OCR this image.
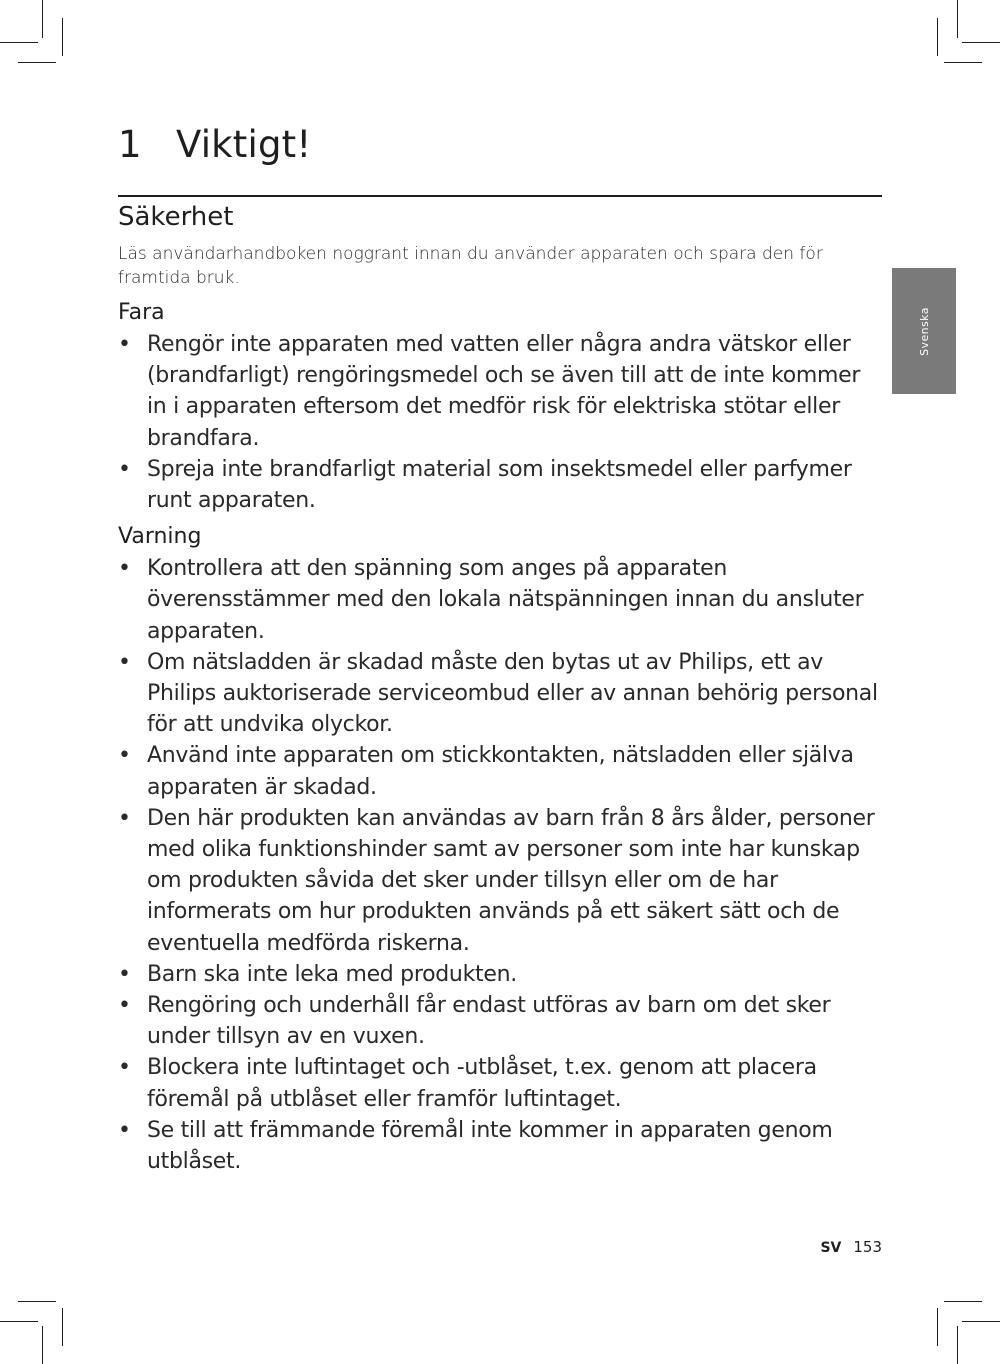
1 Viktigt!
Säkerhet

Läs användarhandboken noggrant innan du använder apparaten och spara den för framtida bruk.

Fara
• Rengör inte apparaten med vatten eller några andra vätskor eller (brandfarligt) rengöringsmedel och se även till att de inte kommer in i apparaten eftersom det medför risk för elektriska stötar eller brandfara.
• Spreja inte brandfarligt material som insektsmedel eller parfymer runt apparaten.
Varning
• Kontrollera att den spänning som anges på apparaten överensstämmer med den lokala nätspänningen innan du ansluter apparaten.
• Om nätsladden är skadad måste den bytas ut av Philips, ett av Philips auktoriserade serviceombud eller av annan behörig personal för att undvika olyckor.
• Använd inte apparaten om stickkontakten, nätsladden eller själva apparaten är skadad.
• Den här produkten kan användas av barn från 8 års ålder, personer med olika funktionshinder samt av personer som inte har kunskap om produkten såvida det sker under tillsyn eller om de har informerats om hur produkten används på ett säkert sätt och de eventuella medförda riskerna.
• Barn ska inte leka med produkten.
• Rengöring och underhåll får endast utföras av barn om det sker under tillsyn av en vuxen.
• Blockera inte luftintaget och -utblåset, t.ex. genom att placera föremål på utblåset eller framför luftintaget.
• Se till att främmande föremål inte kommer in apparaten genom utblåset.
Svenska
SV 153
